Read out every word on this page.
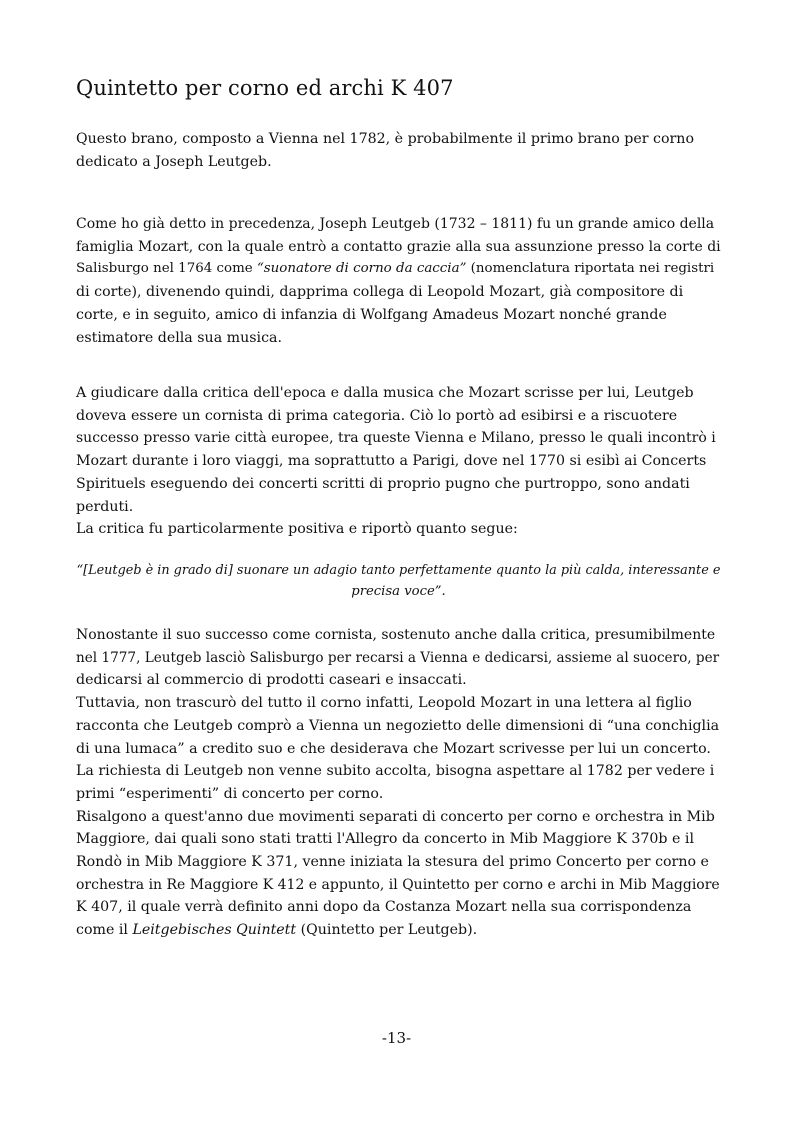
Quintetto per corno ed archi K 407

Questo brano, composto a Vienna nel 1782, è probabilmente il primo brano per corno
dedicato a Joseph Leutgeb.

Come ho già detto in precedenza, Joseph Leutgeb (1732 – 1811) fu un grande amico della
famiglia Mozart, con la quale entrò a contatto grazie alla sua assunzione presso la corte di
Salisburgo nel 1764 come “suonatore di corno da caccia” (nomenclatura riportata nei registri
di corte), divenendo quindi, dapprima collega di Leopold Mozart, già compositore di
corte, e in seguito, amico di infanzia di Wolfgang Amadeus Mozart nonché grande
estimatore della sua musica.

A giudicare dalla critica dell'epoca e dalla musica che Mozart scrisse per lui, Leutgeb
doveva essere un cornista di prima categoria. Ciò lo portò ad esibirsi e a riscuotere
successo presso varie città europee, tra queste Vienna e Milano, presso le quali incontrò i
Mozart durante i loro viaggi, ma soprattutto a Parigi, dove nel 1770 si esibì ai Concerts
Spirituels eseguendo dei concerti scritti di proprio pugno che purtroppo, sono andati
perduti.
La critica fu particolarmente positiva e riportò quanto segue:

“[Leutgeb è in grado di] suonare un adagio tanto perfettamente quanto la più calda, interessante e
precisa voce”.

Nonostante il suo successo come cornista, sostenuto anche dalla critica, presumibilmente
nel 1777, Leutgeb lasciò Salisburgo per recarsi a Vienna e dedicarsi, assieme al suocero, per
dedicarsi al commercio di prodotti caseari e insaccati.
Tuttavia, non trascurò del tutto il corno infatti, Leopold Mozart in una lettera al figlio
racconta che Leutgeb comprò a Vienna un negozietto delle dimensioni di “una conchiglia
di una lumaca” a credito suo e che desiderava che Mozart scrivesse per lui un concerto.
La richiesta di Leutgeb non venne subito accolta, bisogna aspettare al 1782 per vedere i
primi “esperimenti” di concerto per corno.
Risalgono a quest'anno due movimenti separati di concerto per corno e orchestra in Mib
Maggiore, dai quali sono stati tratti l'Allegro da concerto in Mib Maggiore K 370b e il
Rondò in Mib Maggiore K 371, venne iniziata la stesura del primo Concerto per corno e
orchestra in Re Maggiore K 412 e appunto, il Quintetto per corno e archi in Mib Maggiore
K 407, il quale verrà definito anni dopo da Costanza Mozart nella sua corrispondenza
come il Leitgebisches Quintett (Quintetto per Leutgeb).

-13-
